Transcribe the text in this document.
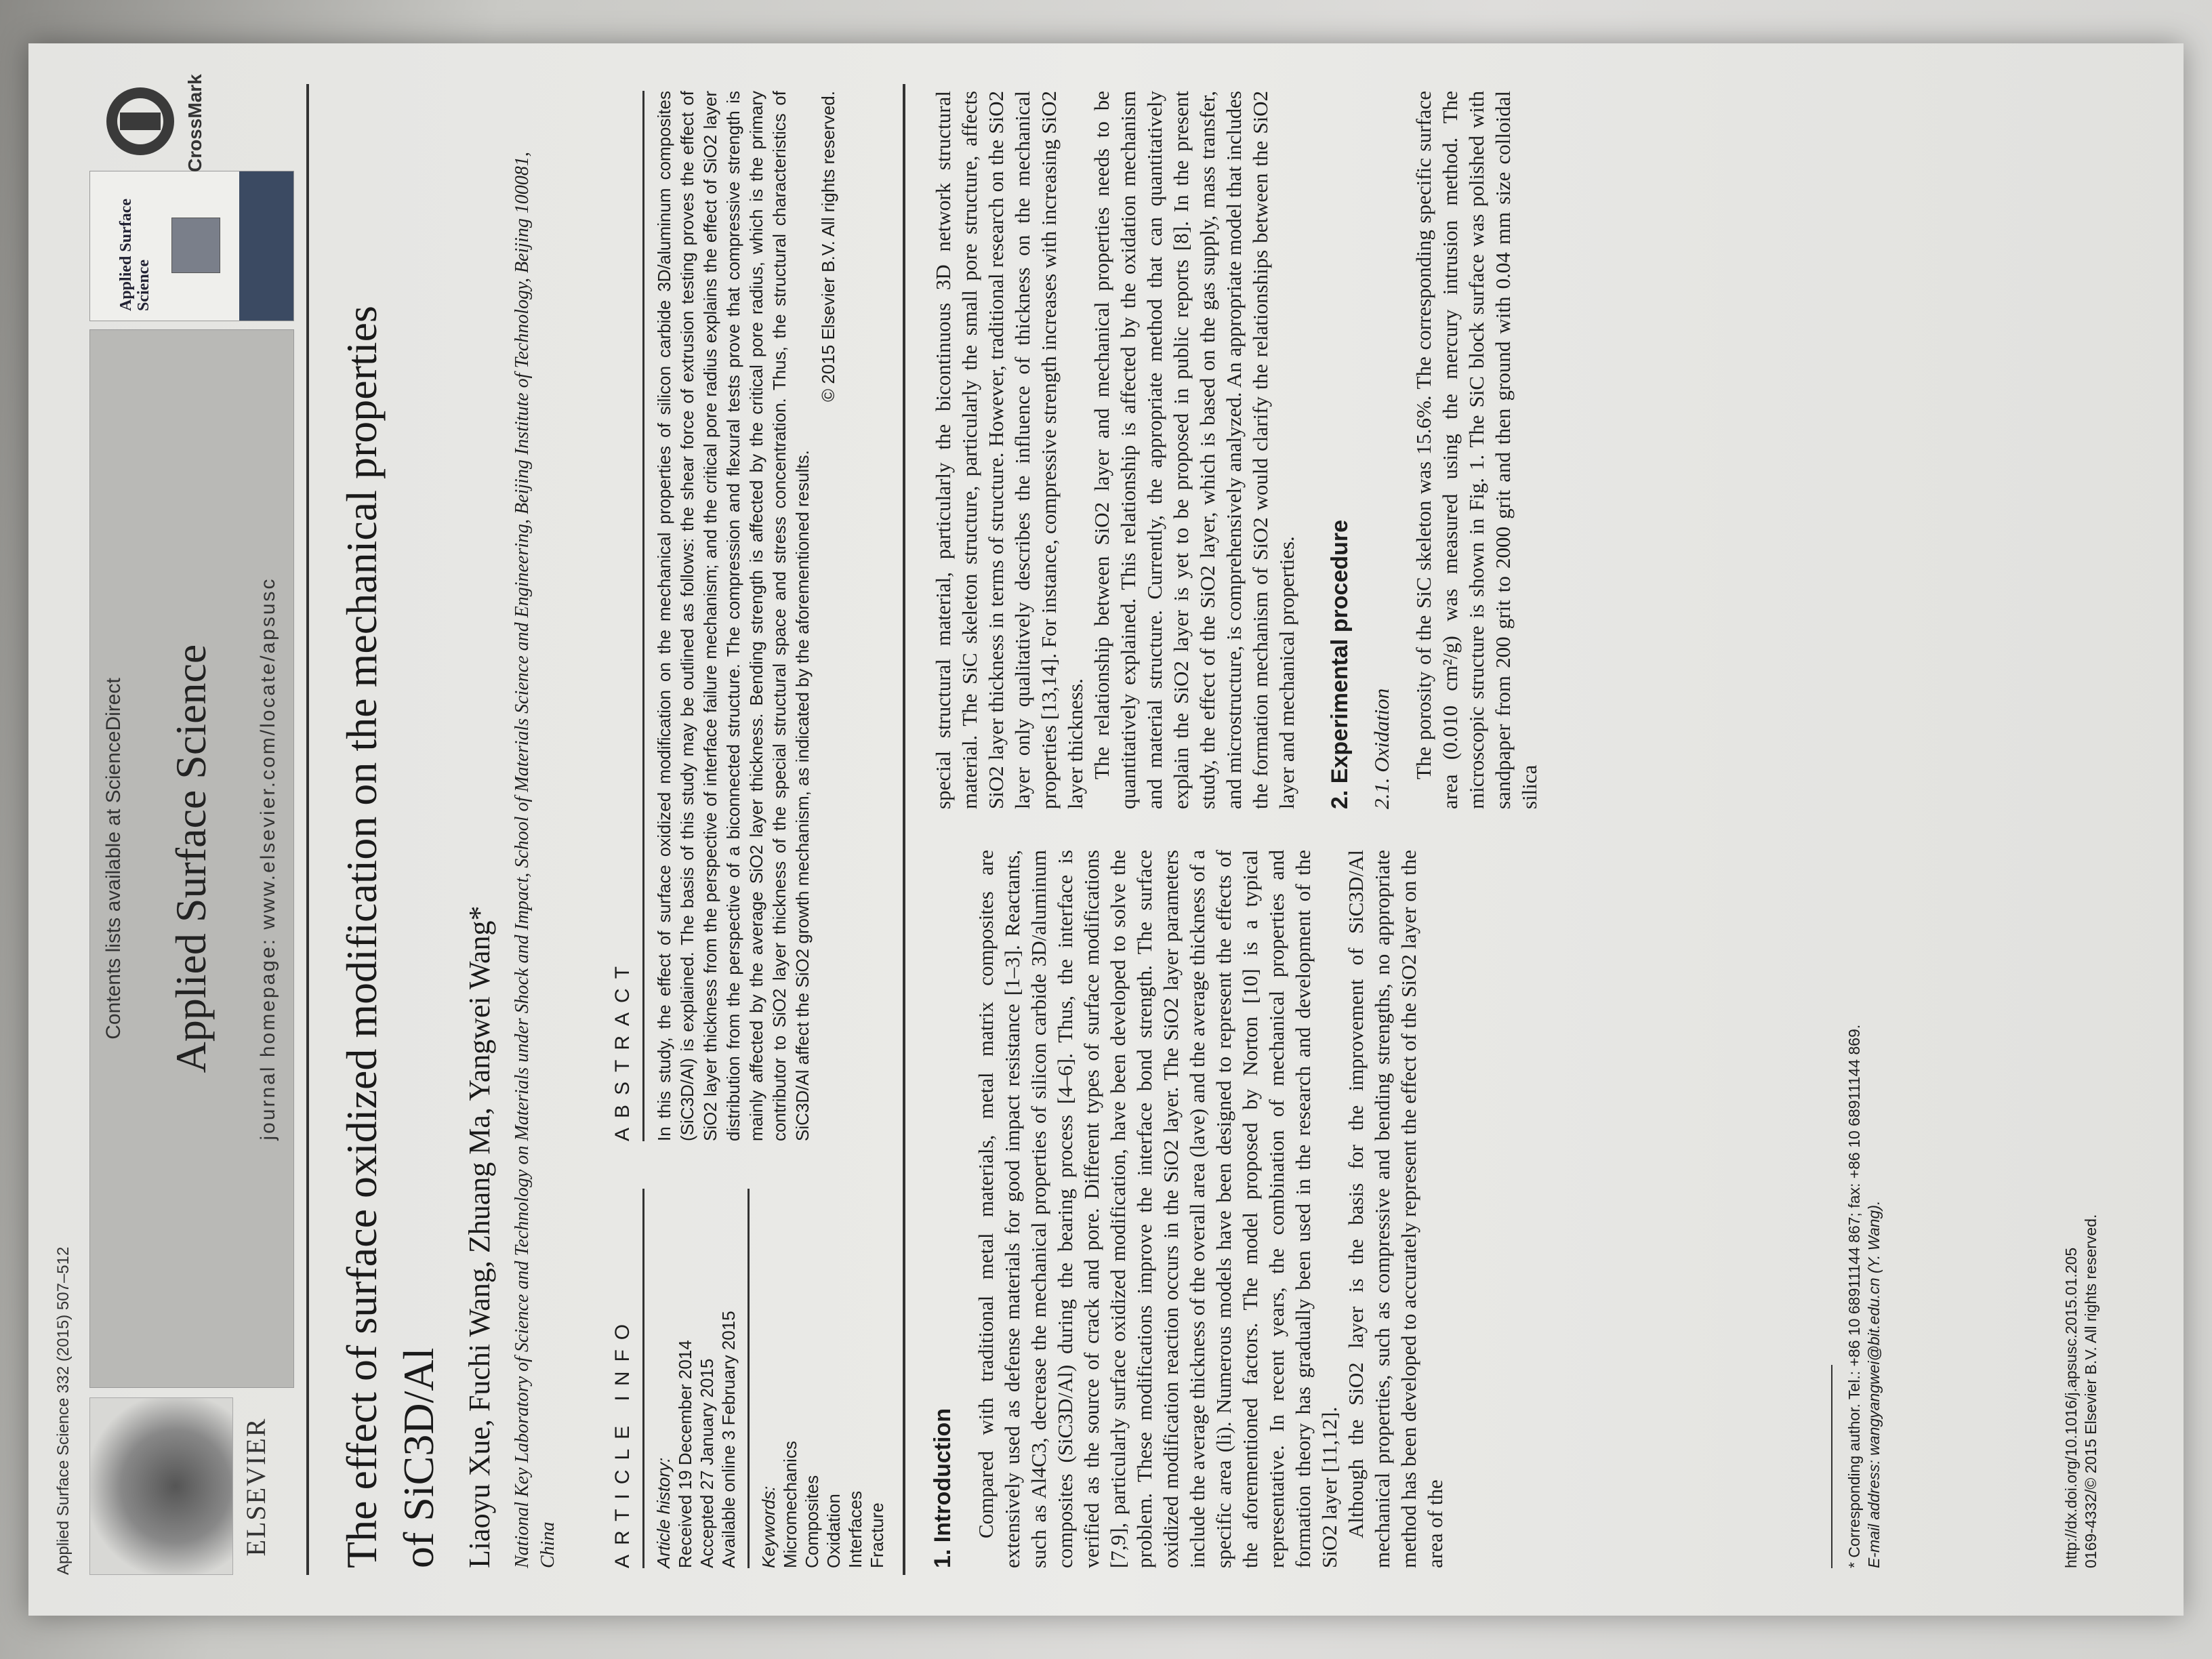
Applied Surface Science 332 (2015) 507–512	ELSEVIER
Contents lists available at ScienceDirect Applied Surface Science journal homepage: www.elsevier.com/locate/apsusc
Applied Surface Science
CrossMark
The effect of surface oxidized modification on the mechanical properties of SiC3D/Al Liaoyu Xue, Fuchi Wang, Zhuang Ma, Yangwei Wang* National Key Laboratory of Science and Technology on Materials under Shock and Impact, School of Materials Science and Engineering, Beijing Institute of Technology, Beijing 100081, China	ARTICLE INFO Article history: Received 19 December 2014 Accepted 27 January 2015 Available online 3 February 2015 Keywords: Micromechanics Composites Oxidation Interfaces Fracture
ABSTRACT In this study, the effect of surface oxidized modification on the mechanical properties of silicon carbide 3D/aluminum composites (SiC3D/Al) is explained. The basis of this study may be outlined as follows: the shear force of extrusion testing proves the effect of SiO2 layer thickness from the perspective of interface failure mechanism; and the critical pore radius explains the effect of SiO2 layer distribution from the perspective of a biconnected structure. The compression and flexural tests prove that compressive strength is mainly affected by the average SiO2 layer thickness. Bending strength is affected by the critical pore radius, which is the primary contributor to SiO2 layer thickness of the special structural space and stress concentration. Thus, the structural characteristics of SiC3D/Al affect the SiO2 growth mechanism, as indicated by the aforementioned results.
© 2015 Elsevier B.V. All rights reserved.
1. Introduction Compared with traditional metal materials, metal matrix composites are extensively used as defense materials for good impact resistance [1–3]. Reactants, such as Al4C3, decrease the mechanical properties of silicon carbide 3D/aluminum composites (SiC3D/Al) during the bearing process [4–6]. Thus, the interface is verified as the source of crack and pore. Different types of surface modifications [7,9], particularly surface oxidized modification, have been developed to solve the problem. These modifications improve the interface bond strength. The surface oxidized modification reaction occurs in the SiO2 layer. The SiO2 layer parameters include the average thickness of the overall area (lave) and the average thickness of a specific area (li). Numerous models have been designed to represent the effects of the aforementioned factors. The model proposed by Norton [10] is a typical representative. In recent years, the combination of mechanical properties and formation theory has gradually been used in the research and development of the SiO2 layer [11,12]. Although the SiO2 layer is the basis for the improvement of SiC3D/Al mechanical properties, such as compressive and bending strengths, no appropriate method has been developed to accurately represent the effect of the SiO2 layer on the area of the

special structural material, particularly the bicontinuous 3D network structural material. The SiC skeleton structure, particularly the small pore structure, affects SiO2 layer thickness in terms of structure. However, traditional research on the SiO2 layer only qualitatively describes the influence of thickness on the mechanical properties [13,14]. For instance, compressive strength increases with increasing SiO2 layer thickness. The relationship between SiO2 layer and mechanical properties needs to be quantitatively explained. This relationship is affected by the oxidation mechanism and material structure. Currently, the appropriate method that can quantitatively explain the SiO2 layer is yet to be proposed in public reports [8]. In the present study, the effect of the SiO2 layer, which is based on the gas supply, mass transfer, and microstructure, is comprehensively analyzed. An appropriate model that includes the formation mechanism of SiO2 would clarify the relationships between the SiO2 layer and mechanical properties. 2. Experimental procedure 2.1. Oxidation The porosity of the SiC skeleton was 15.6%. The corresponding specific surface area (0.010 cm²/g) was measured using the mercury intrusion method. The microscopic structure is shown in Fig. 1. The SiC block surface was polished with sandpaper from 200 grit to 2000 grit and then ground with 0.04 mm size colloidal silica

* Corresponding author. Tel.: +86 10 68911144 867; fax: +86 10 68911144 869. E-mail address: wangyangwei@bit.edu.cn (Y. Wang).	http://dx.doi.org/10.1016/j.apsusc.2015.01.205 0169-4332/© 2015 Elsevier B.V. All rights reserved.
